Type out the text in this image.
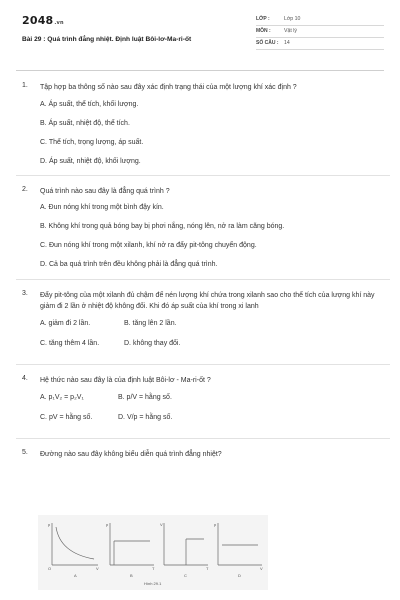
2048.vn
Bài 29 : Quá trình đẳng nhiệt. Định luật Bôi-lơ-Ma-ri-ốt
LỚP :	Lớp 10
MÔN :	Vật lý
SỐ CÂU : 14
1. Tập hợp ba thông số nào sau đây xác định trạng thái của một lượng khí xác định ?
A. Áp suất, thể tích, khối lượng.
B. Áp suất, nhiệt độ, thể tích.
C. Thể tích, trọng lượng, áp suất.
D. Áp suất, nhiệt độ, khối lượng.
2. Quá trình nào sau đây là đẳng quá trình ?
A. Đun nóng khí trong một bình đậy kín.
B. Không khí trong quả bóng bay bị phơi nắng, nóng lên, nở ra làm căng bóng.
C. Đun nóng khí trong một xilanh, khí nở ra đẩy pit-tông chuyển động.
D. Cả ba quá trình trên đều không phải là đẳng quá trình.
3. Đẩy pit-tông của một xilanh đủ chậm để nén lượng khí chứa trong xilanh sao cho thể tích của lượng khí này giảm đi 2 lần ở nhiệt độ không đổi. Khi đó áp suất của khí trong xi lanh
A. giảm đi 2 lần.	B. tăng lên 2 lần.
C. tăng thêm 4 lần.	D. không thay đổi.
4. Hệ thức nào sau đây là của định luật Bôi-lơ - Ma-ri-ốt ?
A. p₁V₂ = p₂V₁	B. p/V = hằng số.
C. pV = hằng số.	D. V/p = hằng số.
5. Đường nào sau đây không biểu diễn quá trình đẳng nhiệt?
p
V
p
T
V
T
p
V
O
A	B	C	D
Hình 29.1
